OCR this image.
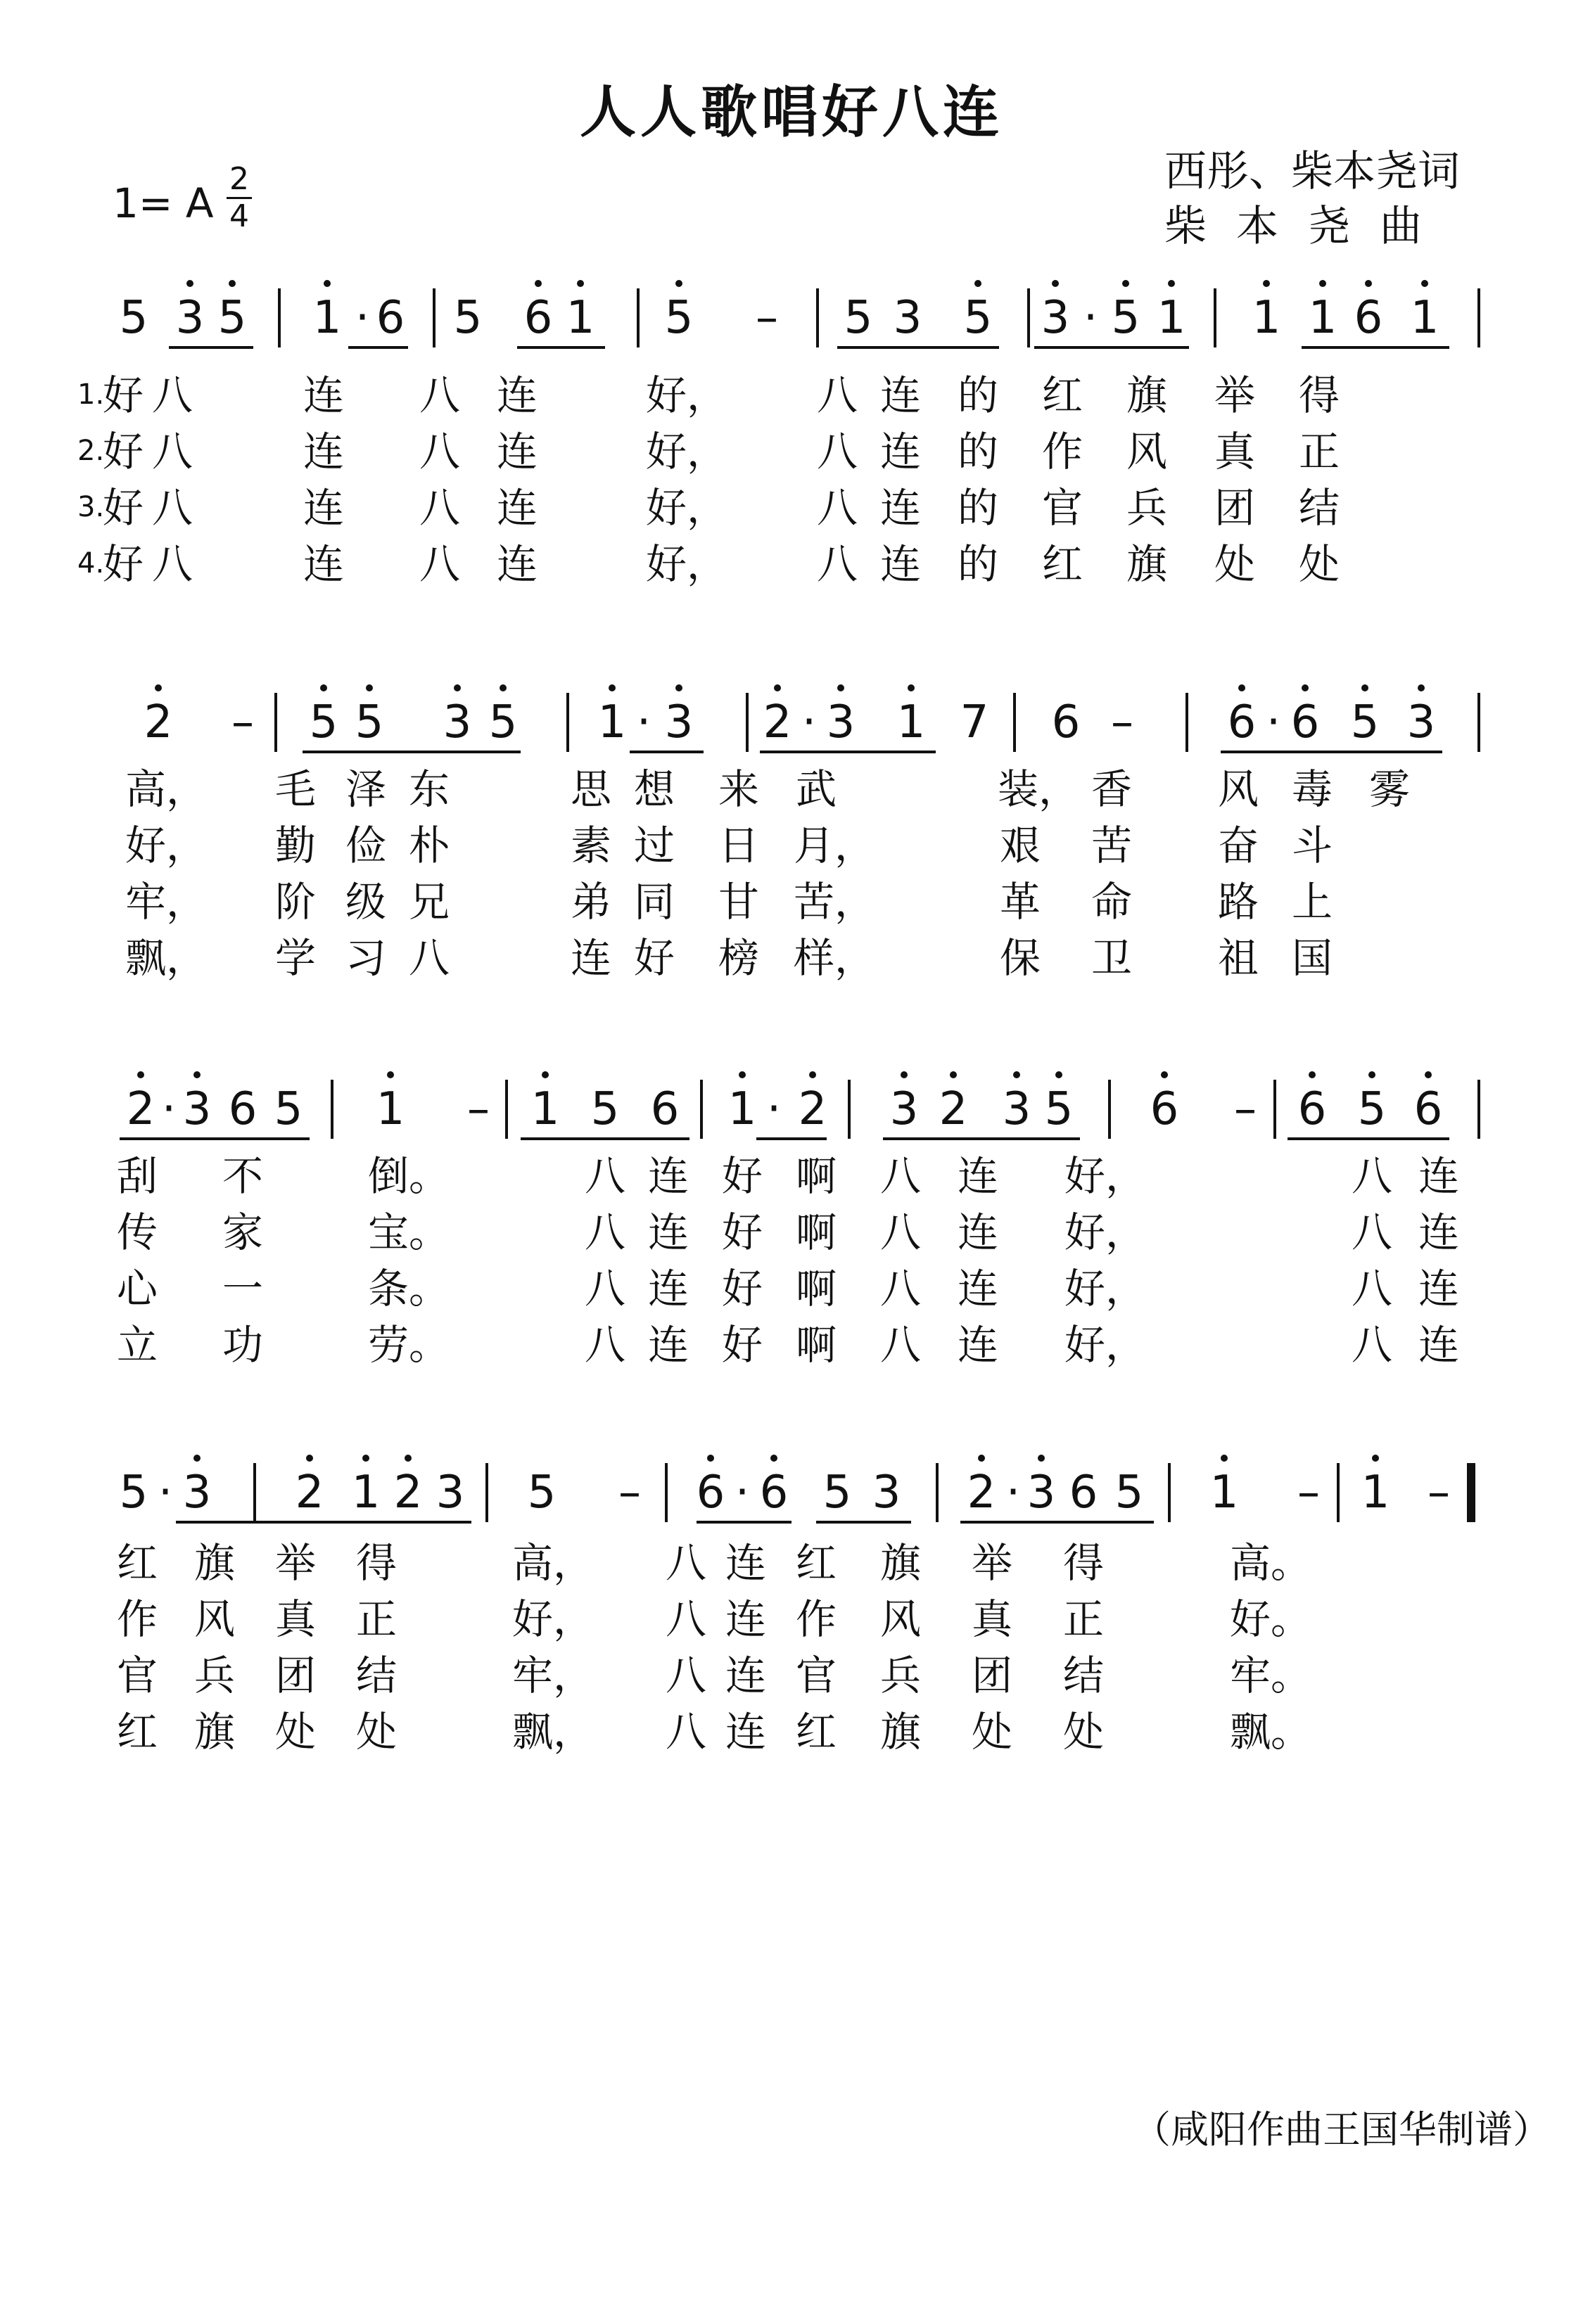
人人歌唱好八连
1= A
2
4
西彤、柴本尧词
柴本尧曲
5 3 5 1 · 6 5 6 1 5 – 5 3 5 3 · 5 1 1 1 6 1
1.
好 八	连 八 连	好， 八 连 的 红 旗 举 得
2.
好 八	连 八 连	好， 八 连 的 作 风 真 正
3.
好 八	连 八 连	好， 八 连 的 官 兵 团 结
4.
好 八	连 八 连	好， 八 连 的 红 旗 处 处
2 – 5 5 3 5 1 · 3 2 · 3 1 7 6 – 6 · 6 5 3
高， 毛 泽 东	思 想 来 武	装， 香 风 毒 雾
好， 勤 俭 朴	素 过 日 月，	艰 苦 奋 斗
牢， 阶 级 兄	弟 同 甘 苦，	革 命 路 上
飘， 学 习 八	连 好 榜 样，	保 卫 祖 国
2 · 3 6 5 1 – 1 5 6 1 · 2 3 2 3 5 6 – 6 5 6
刮 不	倒。	八 连 好 啊 八 连 好，	八 连
传 家	宝。	八 连 好 啊 八 连 好，	八 连
心 一	条。	八 连 好 啊 八 连 好，	八 连
立 功	劳。	八 连 好 啊 八 连 好，	八 连
5 · 3 2 1 2 3 5 – 6 · 6 5 3 2 · 3 6 5 1 – 1 –
红 旗 举 得	高， 八 连 红 旗 举 得	高。
作 风 真 正	好， 八 连 作 风 真 正	好。
官 兵 团 结	牢， 八 连 官 兵 团 结	牢。
红 旗 处 处	飘， 八 连 红 旗 处 处	飘。
（咸阳作曲王国华制谱）
